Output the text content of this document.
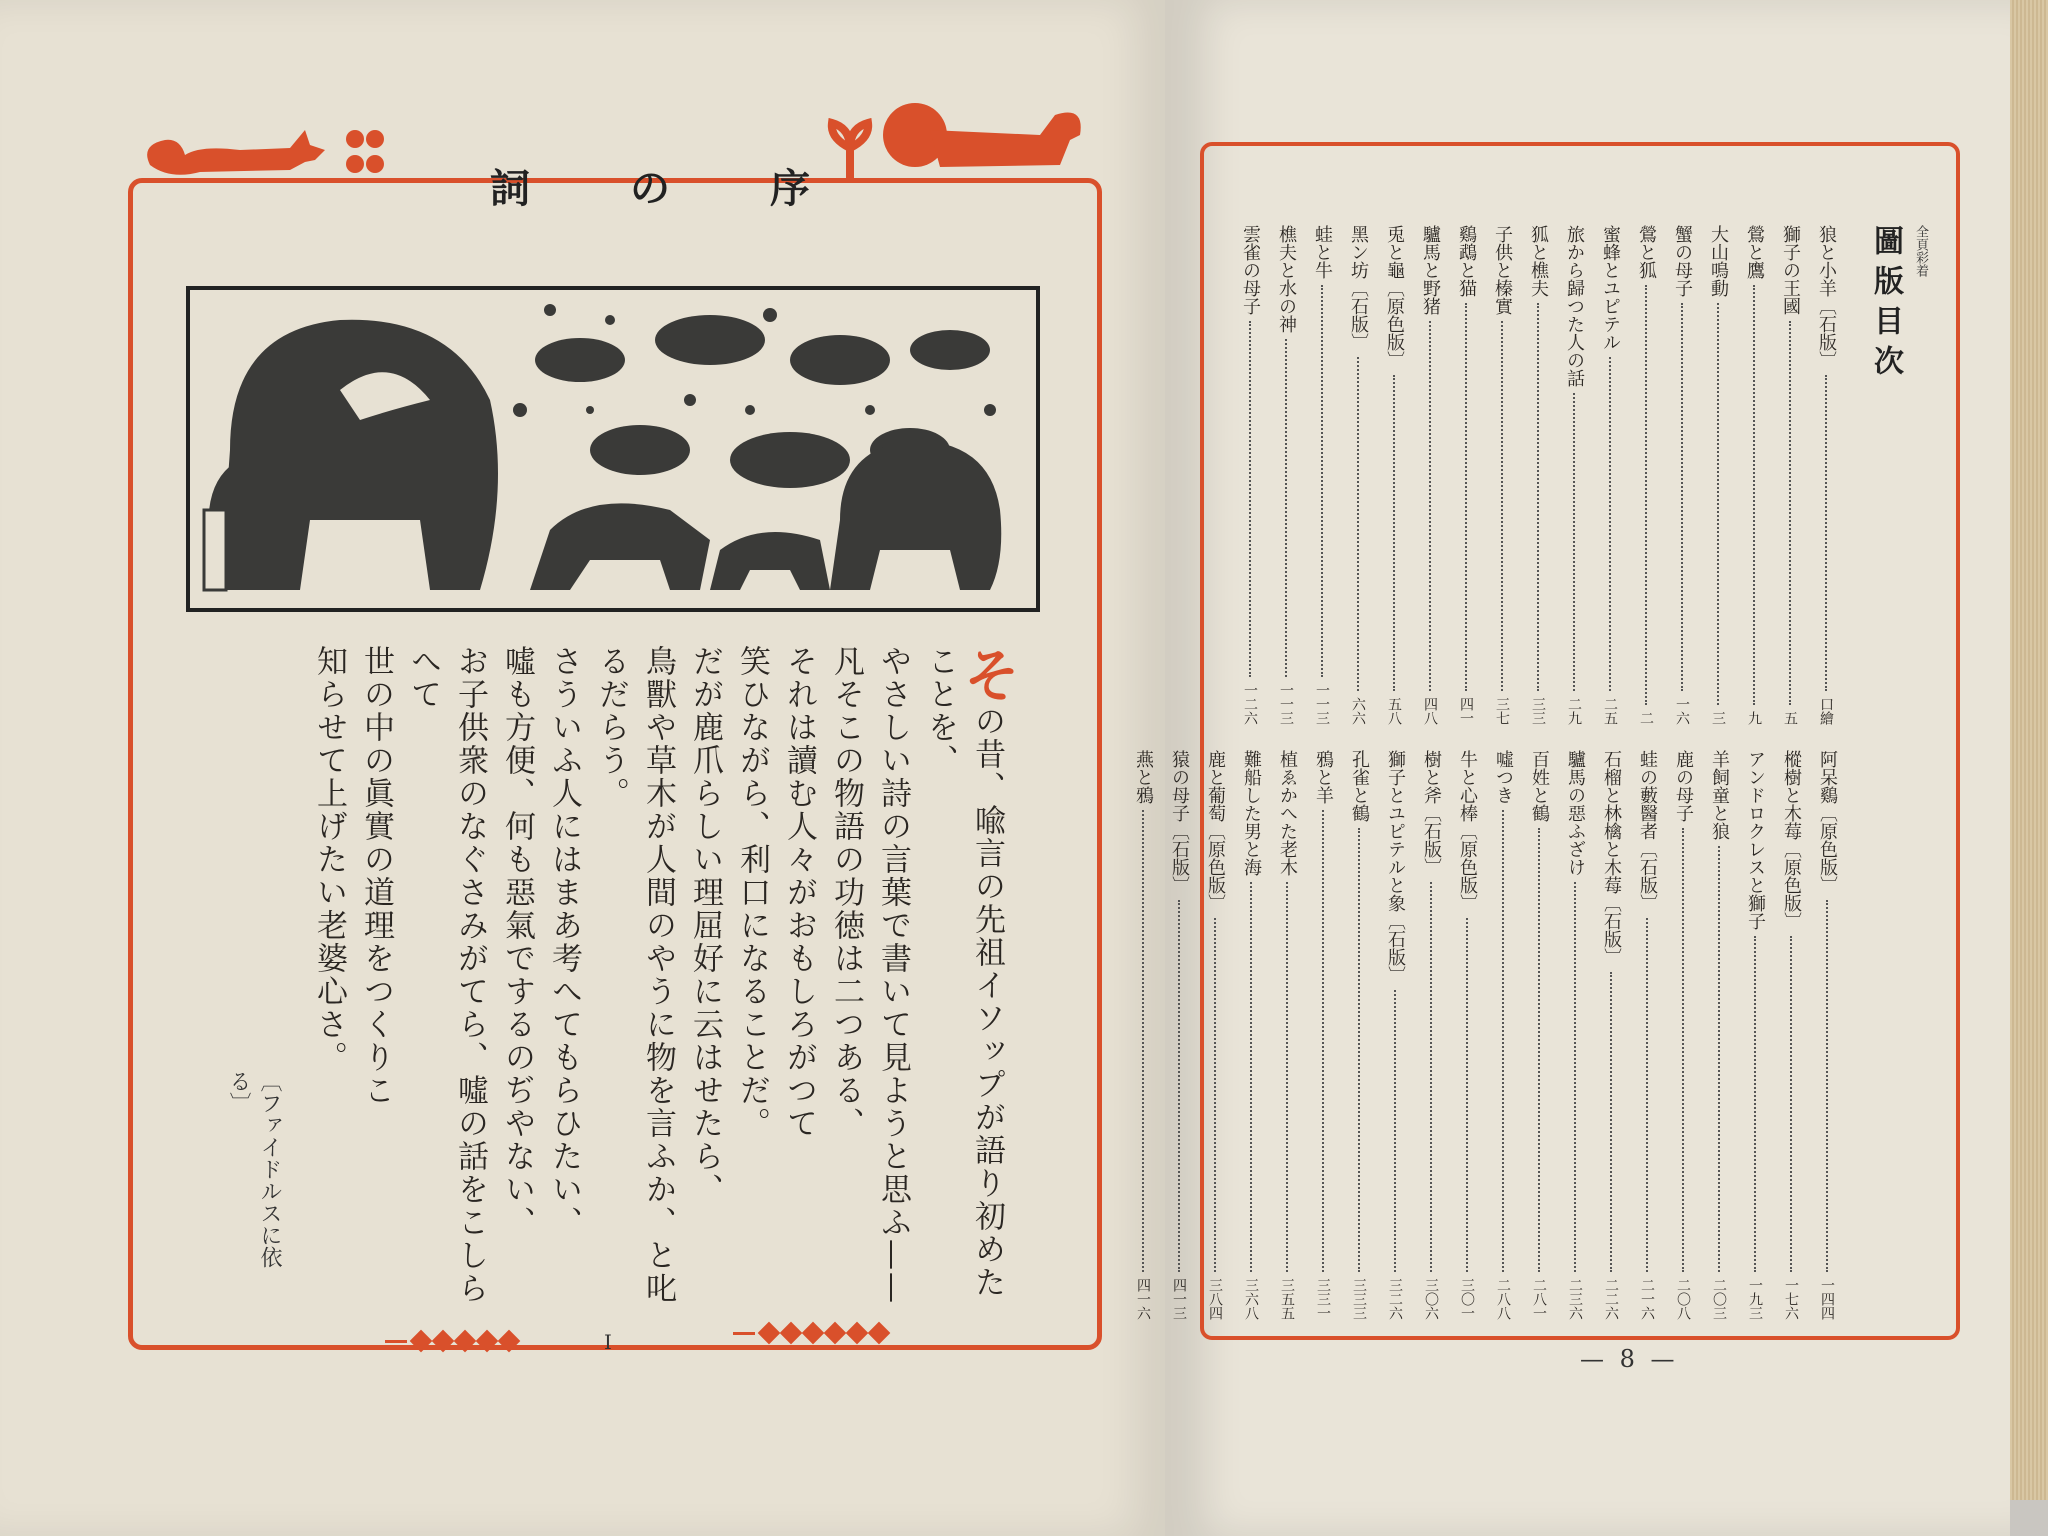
詞	の	序

その昔、喩言の先祖イソップが語り初めたことを、

やさしい詩の言葉で書いて見ようと思ふ——

凡そこの物語の功徳は二つある、

それは讀む人々がおもしろがつて

笑ひながら、利口になることだ。

だが鹿爪らしい理屈好に云はせたら、

鳥獸や草木が人間のやうに物を言ふか、と叱るだらう。

さういふ人にはまあ考へてもらひたい、

噓も方便、何も惡氣でするのぢやない、

お子供衆のなぐさみがてら、噓の話をこしらへて

世の中の眞實の道理をつくりこ

知らせて上げたい老婆心さ。

〔ファイドルスに依る〕
I
全頁彩着
圖版目次
狼と小羊〔石版〕
口繪
獅子の王國
五
鶯と鷹
九
大山鳴動
三
蟹の母子
一六
鶯と狐
二
蜜蜂とユピテル
二五
旅から歸つた人の話
二九
狐と樵夫
三三
子供と榛實
三七
鷄鵡と猫
四一
驢馬と野猪
四八
兎と龜〔原色版〕
五八
黑ン坊〔石版〕
六六
蛙と牛
一一三
樵夫と水の神
一一三
雲雀の母子
一二六
阿呆鷄〔原色版〕
一四四
樅樹と木莓〔原色版〕
一七六
アンドロクレスと獅子
一九三
羊飼童と狼
二〇三
鹿の母子
二〇八
蛙の藪醫者〔石版〕
二一六
石榴と林檎と木莓〔石版〕
二二六
驢馬の惡ふざけ
二三六
百姓と鶴
二八一
噓つき
二八八
牛と心棒〔原色版〕
三〇一
樹と斧〔石版〕
三〇六
獅子とユピテルと象〔石版〕
三二六
孔雀と鶴
三三三
鴉と羊
三三一
植ゑかへた老木
三五五
難船した男と海
三六八
鹿と葡萄〔原色版〕
三八四
猿の母子〔石版〕
四一三
燕と鴉
四一六
— 8 —
